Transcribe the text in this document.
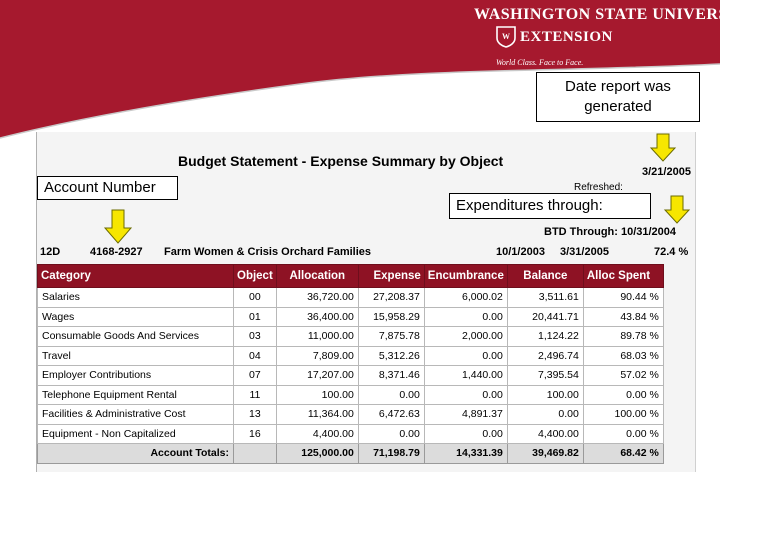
WASHINGTON STATE UNIVERSITY
W EXTENSION
World Class. Face to Face.
Budget Statement - Expense Summary by Object
3/21/2005
Refreshed:
BTD Through: 10/31/2004
12D	4168-2927 Farm Women & Crisis Orchard Families	10/1/2003 3/31/2005	72.4 %
Date report was generated
Account Number
Expenditures through:
Category	Object	Allocation	Expense	Encumbrance	Balance	Alloc Spent
Salaries	00	36,720.00	27,208.37	6,000.02	3,511.61	90.44 %
Wages	01	36,400.00	15,958.29	0.00	20,441.71	43.84 %
Consumable Goods And Services	03	11,000.00	7,875.78	2,000.00	1,124.22	89.78 %
Travel	04	7,809.00	5,312.26	0.00	2,496.74	68.03 %
Employer Contributions	07	17,207.00	8,371.46	1,440.00	7,395.54	57.02 %
Telephone Equipment Rental	11	100.00	0.00	0.00	100.00	0.00 %
Facilities & Administrative Cost	13	11,364.00	6,472.63	4,891.37	0.00	100.00 %
Equipment - Non Capitalized	16	4,400.00	0.00	0.00	4,400.00	0.00 %
Account Totals:		125,000.00	71,198.79	14,331.39	39,469.82	68.42 %
